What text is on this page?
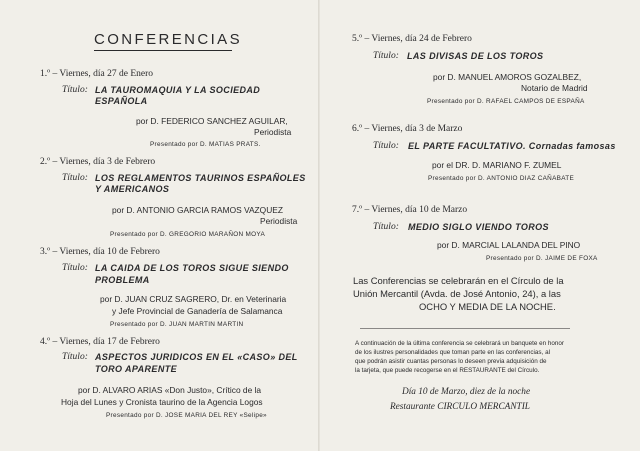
CONFERENCIAS
1.º – Viernes, día 27 de Enero
Título: LA TAUROMAQUIA Y LA SOCIEDAD
ESPAÑOLA
por D. FEDERICO SANCHEZ AGUILAR,
Periodista
Presentado por D. MATIAS PRATS.
2.º – Viernes, día 3 de Febrero
Título: LOS REGLAMENTOS TAURINOS ESPAÑOLES
Y AMERICANOS
por D. ANTONIO GARCIA RAMOS VAZQUEZ
Periodista
Presentado por D. GREGORIO MARAÑON MOYA
3.º – Viernes, día 10 de Febrero
Título: LA CAIDA DE LOS TOROS SIGUE SIENDO
PROBLEMA
por D. JUAN CRUZ SAGRERO, Dr. en Veterinaria
y Jefe Provincial de Ganadería de Salamanca
Presentado por D. JUAN MARTIN MARTIN
4.º – Viernes, día 17 de Febrero
Título: ASPECTOS JURIDICOS EN EL «CASO» DEL
TORO APARENTE
por D. ALVARO ARIAS «Don Justo», Crítico de la
Hoja del Lunes y Cronista taurino de la Agencia Logos
Presentado por D. JOSE MARIA DEL REY «Selipe»
5.º – Viernes, día 24 de Febrero
Título: LAS DIVISAS DE LOS TOROS
por D. MANUEL AMOROS GOZALBEZ,
Notario de Madrid
Presentado por D. RAFAEL CAMPOS DE ESPAÑA
6.º – Viernes, día 3 de Marzo
Título: EL PARTE FACULTATIVO. Cornadas famosas
por el DR. D. MARIANO F. ZUMEL
Presentado por D. ANTONIO DIAZ CAÑABATE
7.º – Viernes, día 10 de Marzo
Título: MEDIO SIGLO VIENDO TOROS
por D. MARCIAL LALANDA DEL PINO
Presentado por D. JAIME DE FOXA
Las Conferencias se celebrarán en el Círculo de la
Unión Mercantil (Avda. de José Antonio, 24), a las
OCHO Y MEDIA DE LA NOCHE.
A continuación de la última conferencia se celebrará un banquete en honor
de los ilustres personalidades que toman parte en las conferencias, al
que podrán asistir cuantas personas lo deseen previa adquisición de
la tarjeta, que puede recogerse en el RESTAURANTE del Círculo.
Día 10 de Marzo, diez de la noche
Restaurante CIRCULO MERCANTIL
